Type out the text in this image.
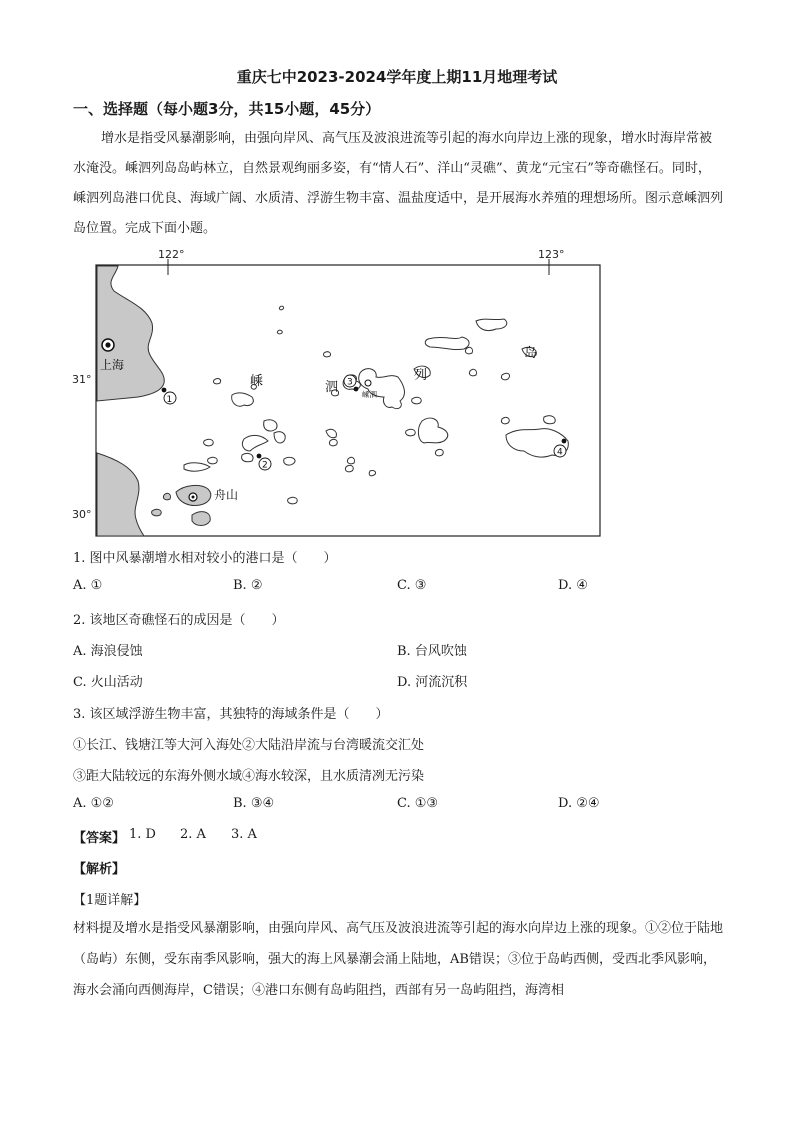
重庆七中2023-2024学年度上期11月地理考试
一、选择题（每小题3分，共15小题，45分）
增水是指受风暴潮影响，由强向岸风、高气压及波浪进流等引起的海水向岸边上涨的现象，增水时海岸常被水淹没。嵊泗列岛岛屿林立，自然景观绚丽多姿，有“情人石”、洋山“灵礁”、黄龙“元宝石”等奇礁怪石。同时，嵊泗列岛港口优良、海域广阔、水质清、浮游生物丰富、温盐度适中，是开展海水养殖的理想场所。图示意嵊泗列岛位置。完成下面小题。
122°	123°
31°
30°
上海
舟山
1
嵊泗
3
2
4
嵊	泗
列
岛
1. 图中风暴潮增水相对较小的港口是（　　）
A. ①	B. ②	C. ③	D. ④
2. 该地区奇礁怪石的成因是（　　）
A. 海浪侵蚀	B. 台风吹蚀
C. 火山活动	D. 河流沉积
3. 该区域浮游生物丰富，其独特的海域条件是（　　）
①长江、钱塘江等大河入海处②大陆沿岸流与台湾暖流交汇处
③距大陆较远的东海外侧水域④海水较深，且水质清冽无污染
A. ①②	B. ③④	C. ①③	D. ②④
【答案】 1. D 2. A 3. A
【解析】
【1题详解】
材料提及增水是指受风暴潮影响，由强向岸风、高气压及波浪进流等引起的海水向岸边上涨的现象。①②位于陆地（岛屿）东侧，受东南季风影响，强大的海上风暴潮会涌上陆地，AB错误；③位于岛屿西侧，受西北季风影响，海水会涌向西侧海岸，C错误；④港口东侧有岛屿阻挡，西部有另一岛屿阻挡，海湾相
